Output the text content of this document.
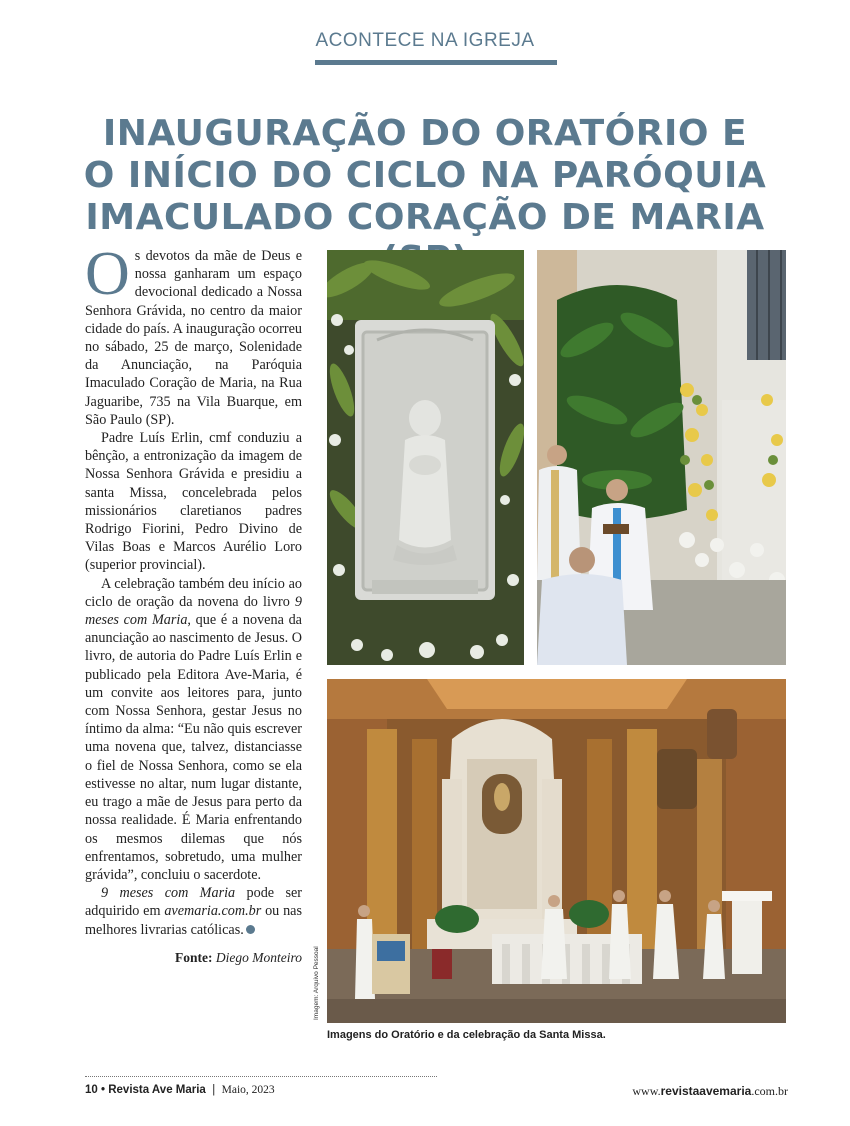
ACONTECE NA IGREJA
INAUGURAÇÃO DO ORATÓRIO E
O INÍCIO DO CICLO NA PARÓQUIA
IMACULADO CORAÇÃO DE MARIA

Os devotos da mãe de Deus e nossa ganharam um espaço devocional dedicado a Nossa Senhora Grávida, no centro da maior cidade do país. A inauguração ocorreu no sábado, 25 de março, Solenidade da Anunciação, na Paróquia Imaculado Coração de Maria, na Rua Jaguaribe, 735 na Vila Buarque, em São Paulo (SP).

Padre Luís Erlin, cmf conduziu a bênção, a entronização da imagem de Nossa Senhora Grávida e presidiu a santa Missa, concelebrada pelos missionários claretianos padres Rodrigo Fiorini, Pedro Divino de Vilas Boas e Marcos Aurélio Loro (superior provincial).

A celebração também deu início ao ciclo de oração da novena do livro 9 meses com Maria, que é a novena da anunciação ao nascimento de Jesus. O livro, de autoria do Padre Luís Erlin e publicado pela Editora Ave-Maria, é um convite aos leitores para, junto com Nossa Senhora, gestar Jesus no íntimo da alma: “Eu não quis escrever uma novena que, talvez, distanciasse o fiel de Nossa Senhora, como se ela estivesse no altar, num lugar distante, eu trago a mãe de Jesus para perto da nossa realidade. É Maria enfrentando os mesmos dilemas que nós enfrentamos, sobretudo, uma mulher grávida”, concluiu o sacerdote.

9 meses com Maria pode ser adquirido em avemaria.com.br ou nas melhores livrarias católicas.

Fonte: Diego Monteiro Imagem: Arquivo Pessoal
Imagens do Oratório e da celebração da Santa Missa.
10 • Revista Ave Maria  |  Maio, 2023	www.revistaavemaria.com.br
